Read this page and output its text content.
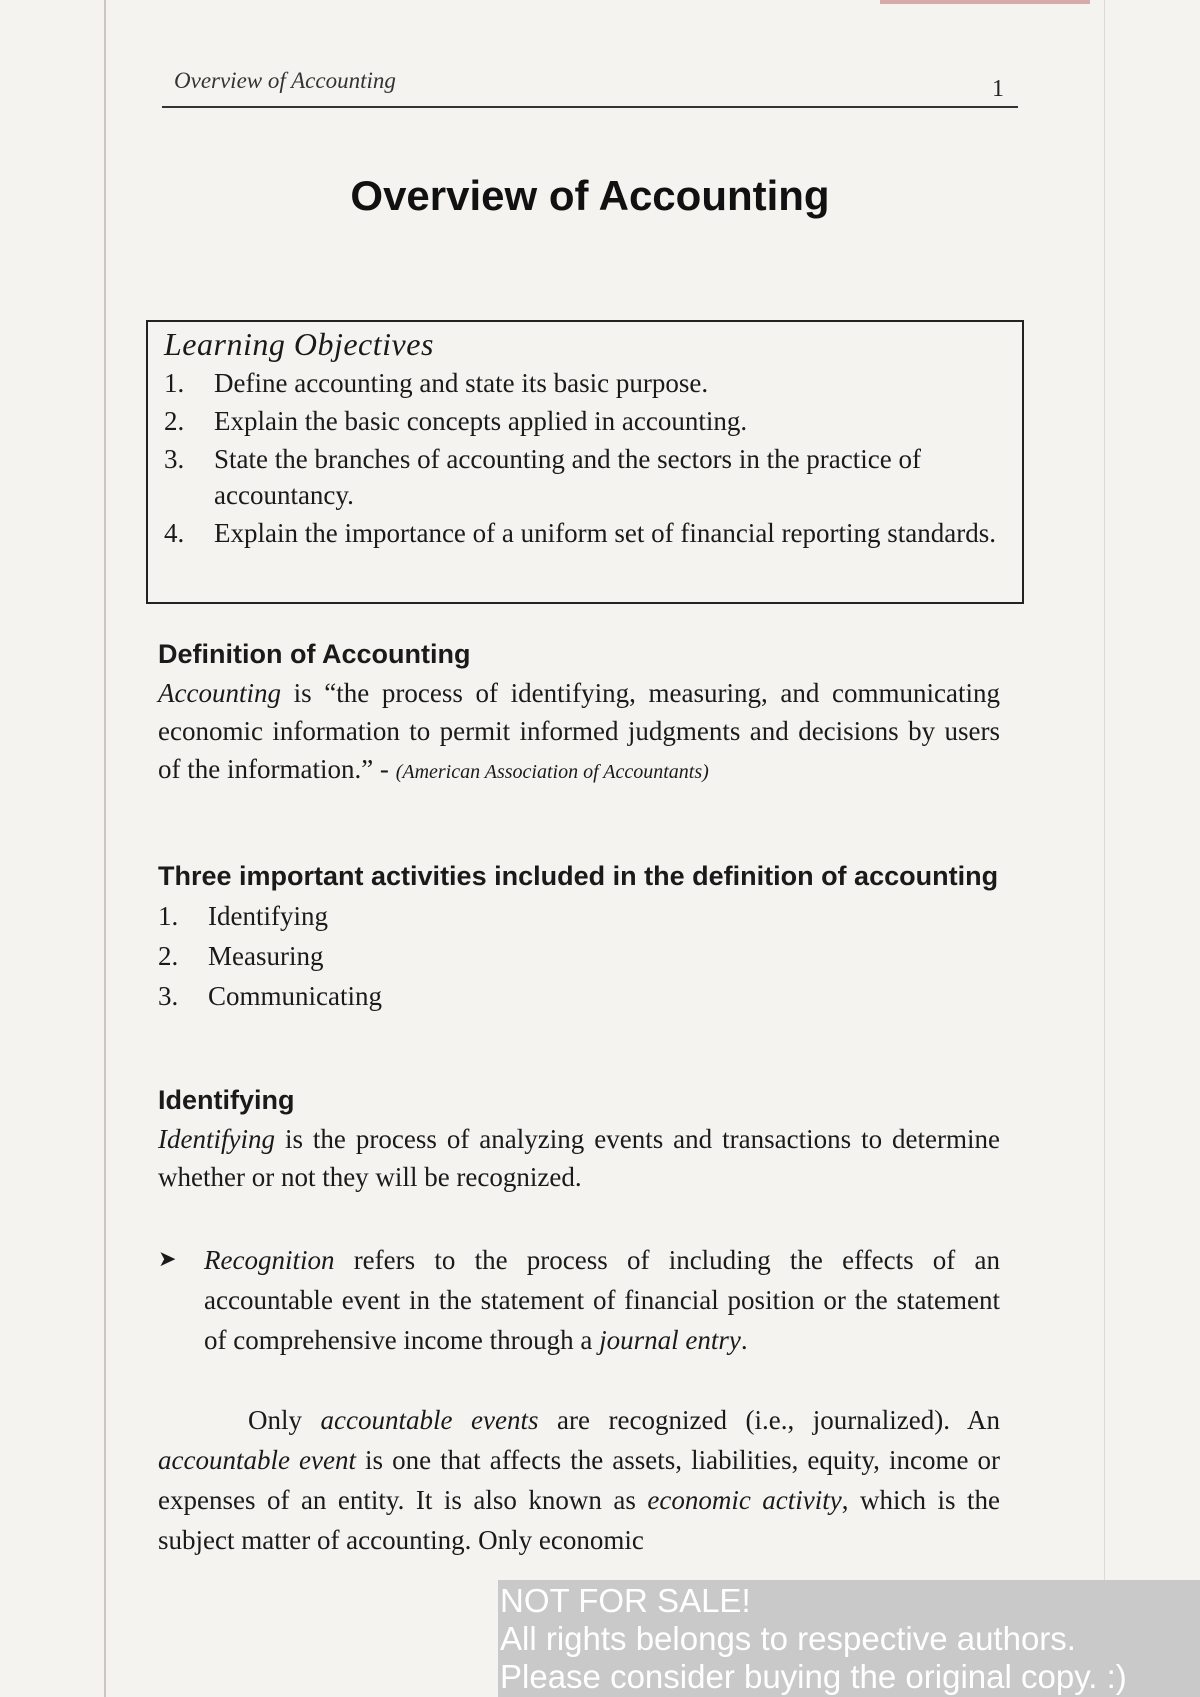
Overview of Accounting	1
Overview of Accounting
Learning Objectives
1.	Define accounting and state its basic purpose.
2.	Explain the basic concepts applied in accounting.
3.	State the branches of accounting and the sectors in the practice of accountancy.
4.	Explain the importance of a uniform set of financial reporting standards.
Definition of Accounting

Accounting is “the process of identifying, measuring, and communicating economic information to permit informed judgments and decisions by users of the information.” - (American Association of Accountants)

Three important activities included in the definition of accounting
1.	Identifying
2.	Measuring
3.	Communicating
Identifying

Identifying is the process of analyzing events and transactions to determine whether or not they will be recognized.

➤	Recognition refers to the process of including the effects of an accountable event in the statement of financial position or the statement of comprehensive income through a journal entry.

Only accountable events are recognized (i.e., journalized). An accountable event is one that affects the assets, liabilities, equity, income or expenses of an entity. It is also known as economic activity, which is the subject matter of accounting. Only economic

NOT FOR SALE!
All rights belongs to respective authors.
Please consider buying the original copy. :)
